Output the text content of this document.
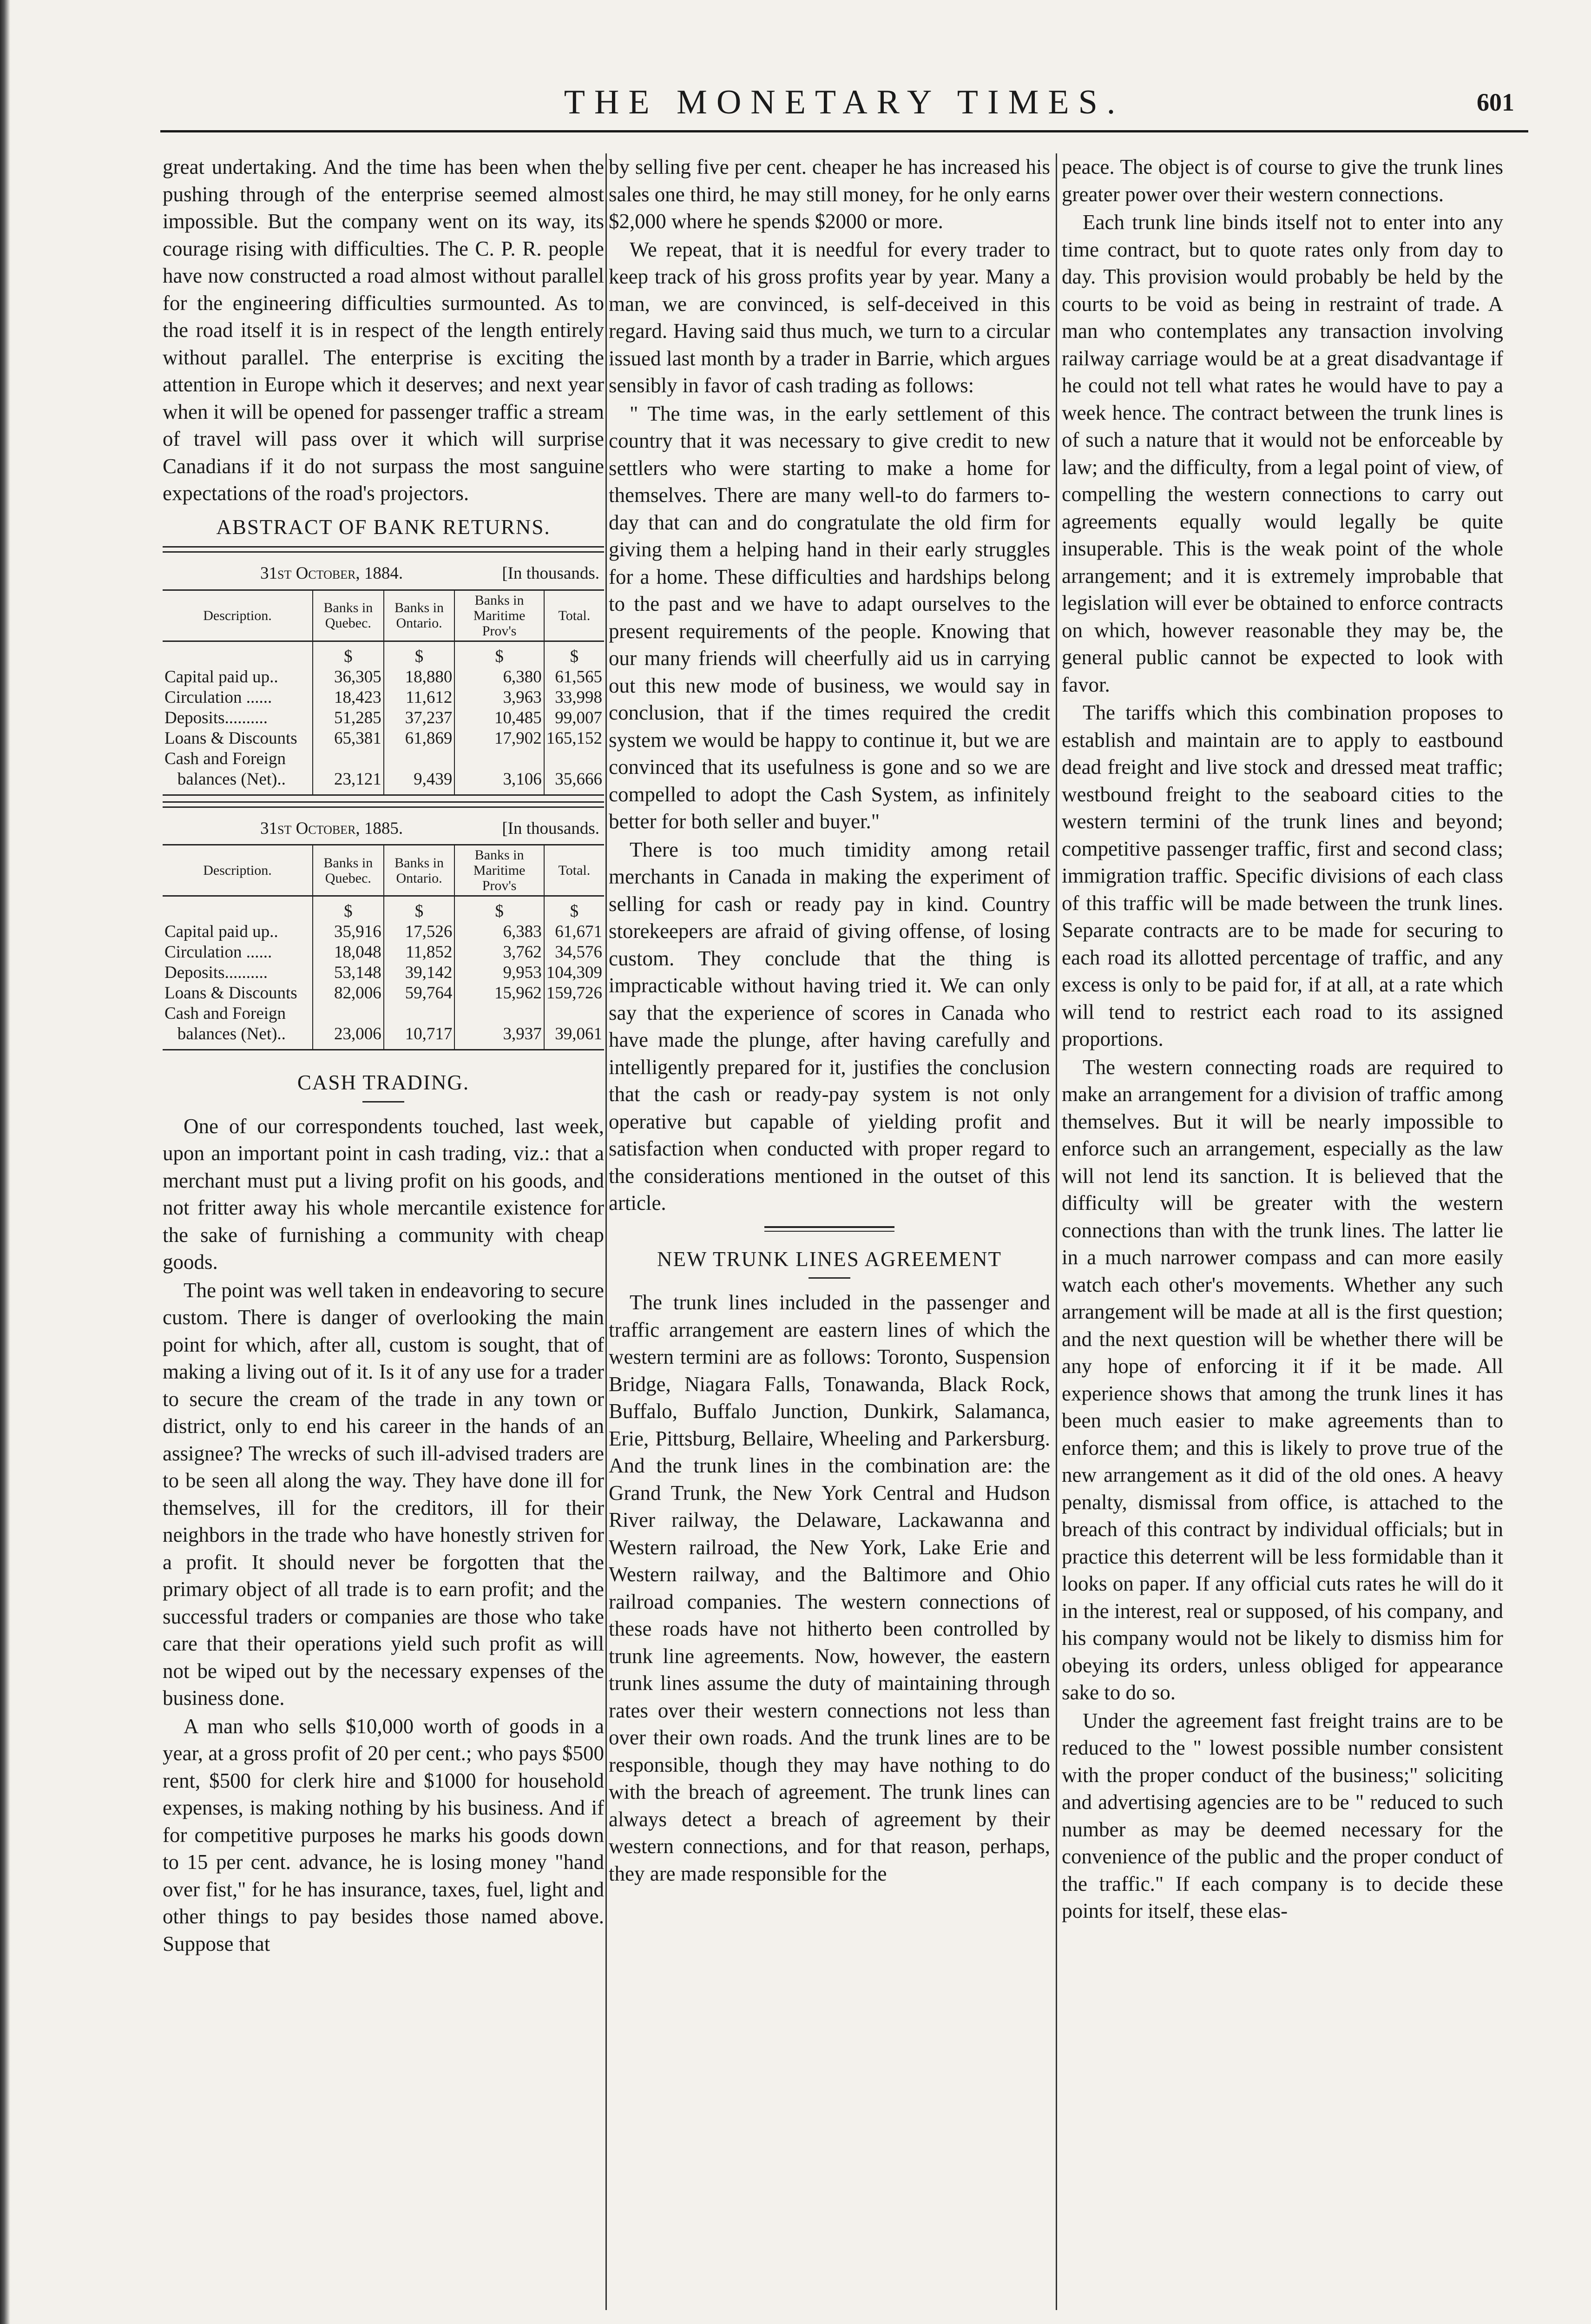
THE MONETARY TIMES.	601

great undertaking. And the time has been when the pushing through of the enterprise seemed almost impossible. But the company went on its way, its courage rising with difficulties. The C. P. R. people have now constructed a road almost without parallel for the engineering difficulties surmounted. As to the road itself it is in respect of the length entirely without parallel. The enterprise is exciting the attention in Europe which it deserves; and next year when it will be opened for passenger traffic a stream of travel will pass over it which will surprise Canadians if it do not surpass the most sanguine expectations of the road's projectors.

ABSTRACT OF BANK RETURNS.
31st October, 1884.	[In thousands.
Description.	Banks in Quebec.	Banks in Ontario.	Banks in Maritime Prov's	Total.
	$	$	$	$
Capital paid up..	36,305	18,880	6,380	61,565
Circulation ......	18,423	11,612	3,963	33,998
Deposits..........	51,285	37,237	10,485	99,007
Loans & Discounts	65,381	61,869	17,902	165,152
Cash and Foreign				
balances (Net)..	23,121	9,439	3,106	35,666
31st October, 1885.	[In thousands.
Description.	Banks in Quebec.	Banks in Ontario.	Banks in Maritime Prov's	Total.
	$	$	$	$
Capital paid up..	35,916	17,526	6,383	61,671
Circulation ......	18,048	11,852	3,762	34,576
Deposits..........	53,148	39,142	9,953	104,309
Loans & Discounts	82,006	59,764	15,962	159,726
Cash and Foreign				
balances (Net)..	23,006	10,717	3,937	39,061
CASH TRADING.

One of our correspondents touched, last week, upon an important point in cash trading, viz.: that a merchant must put a living profit on his goods, and not fritter away his whole mercantile existence for the sake of furnishing a community with cheap goods.

The point was well taken in endeavoring to secure custom. There is danger of overlooking the main point for which, after all, custom is sought, that of making a living out of it. Is it of any use for a trader to secure the cream of the trade in any town or district, only to end his career in the hands of an assignee? The wrecks of such ill-advised traders are to be seen all along the way. They have done ill for themselves, ill for the creditors, ill for their neighbors in the trade who have honestly striven for a profit. It should never be forgotten that the primary object of all trade is to earn profit; and the successful traders or companies are those who take care that their operations yield such profit as will not be wiped out by the necessary expenses of the business done.

A man who sells $10,000 worth of goods in a year, at a gross profit of 20 per cent.; who pays $500 rent, $500 for clerk hire and $1000 for household expenses, is making nothing by his business. And if for competitive purposes he marks his goods down to 15 per cent. advance, he is losing money "hand over fist," for he has insurance, taxes, fuel, light and other things to pay besides those named above. Suppose that

by selling five per cent. cheaper he has increased his sales one third, he may still money, for he only earns $2,000 where he spends $2000 or more.

We repeat, that it is needful for every trader to keep track of his gross profits year by year. Many a man, we are convinced, is self-deceived in this regard. Having said thus much, we turn to a circular issued last month by a trader in Barrie, which argues sensibly in favor of cash trading as follows:

" The time was, in the early settlement of this country that it was necessary to give credit to new settlers who were starting to make a home for themselves. There are many well-to do farmers to-day that can and do congratulate the old firm for giving them a helping hand in their early struggles for a home. These difficulties and hardships belong to the past and we have to adapt ourselves to the present requirements of the people. Knowing that our many friends will cheerfully aid us in carrying out this new mode of business, we would say in conclusion, that if the times required the credit system we would be happy to continue it, but we are convinced that its usefulness is gone and so we are compelled to adopt the Cash System, as infinitely better for both seller and buyer."

There is too much timidity among retail merchants in Canada in making the experiment of selling for cash or ready pay in kind. Country storekeepers are afraid of giving offense, of losing custom. They conclude that the thing is impracticable without having tried it. We can only say that the experience of scores in Canada who have made the plunge, after having carefully and intelligently prepared for it, justifies the conclusion that the cash or ready-pay system is not only operative but capable of yielding profit and satisfaction when conducted with proper regard to the considerations mentioned in the outset of this article.

NEW TRUNK LINES AGREEMENT

The trunk lines included in the passenger and traffic arrangement are eastern lines of which the western termini are as follows: Toronto, Suspension Bridge, Niagara Falls, Tonawanda, Black Rock, Buffalo, Buffalo Junction, Dunkirk, Salamanca, Erie, Pittsburg, Bellaire, Wheeling and Parkersburg. And the trunk lines in the combination are: the Grand Trunk, the New York Central and Hudson River railway, the Delaware, Lackawanna and Western railroad, the New York, Lake Erie and Western railway, and the Baltimore and Ohio railroad companies. The western connections of these roads have not hitherto been controlled by trunk line agreements. Now, however, the eastern trunk lines assume the duty of maintaining through rates over their western connections not less than over their own roads. And the trunk lines are to be responsible, though they may have nothing to do with the breach of agreement. The trunk lines can always detect a breach of agreement by their western connections, and for that reason, perhaps, they are made responsible for the

peace. The object is of course to give the trunk lines greater power over their western connections.

Each trunk line binds itself not to enter into any time contract, but to quote rates only from day to day. This provision would probably be held by the courts to be void as being in restraint of trade. A man who contemplates any transaction involving railway carriage would be at a great disadvantage if he could not tell what rates he would have to pay a week hence. The contract between the trunk lines is of such a nature that it would not be enforceable by law; and the difficulty, from a legal point of view, of compelling the western connections to carry out agreements equally would legally be quite insuperable. This is the weak point of the whole arrangement; and it is extremely improbable that legislation will ever be obtained to enforce contracts on which, however reasonable they may be, the general public cannot be expected to look with favor.

The tariffs which this combination proposes to establish and maintain are to apply to eastbound dead freight and live stock and dressed meat traffic; westbound freight to the seaboard cities to the western termini of the trunk lines and beyond; competitive passenger traffic, first and second class; immigration traffic. Specific divisions of each class of this traffic will be made between the trunk lines. Separate contracts are to be made for securing to each road its allotted percentage of traffic, and any excess is only to be paid for, if at all, at a rate which will tend to restrict each road to its assigned proportions.

The western connecting roads are required to make an arrangement for a division of traffic among themselves. But it will be nearly impossible to enforce such an arrangement, especially as the law will not lend its sanction. It is believed that the difficulty will be greater with the western connections than with the trunk lines. The latter lie in a much narrower compass and can more easily watch each other's movements. Whether any such arrangement will be made at all is the first question; and the next question will be whether there will be any hope of enforcing it if it be made. All experience shows that among the trunk lines it has been much easier to make agreements than to enforce them; and this is likely to prove true of the new arrangement as it did of the old ones. A heavy penalty, dismissal from office, is attached to the breach of this contract by individual officials; but in practice this deterrent will be less formidable than it looks on paper. If any official cuts rates he will do it in the interest, real or supposed, of his company, and his company would not be likely to dismiss him for obeying its orders, unless obliged for appearance sake to do so.

Under the agreement fast freight trains are to be reduced to the " lowest possible number consistent with the proper conduct of the business;" soliciting and advertising agencies are to be " reduced to such number as may be deemed necessary for the convenience of the public and the proper conduct of the traffic." If each company is to decide these points for itself, these elas-
